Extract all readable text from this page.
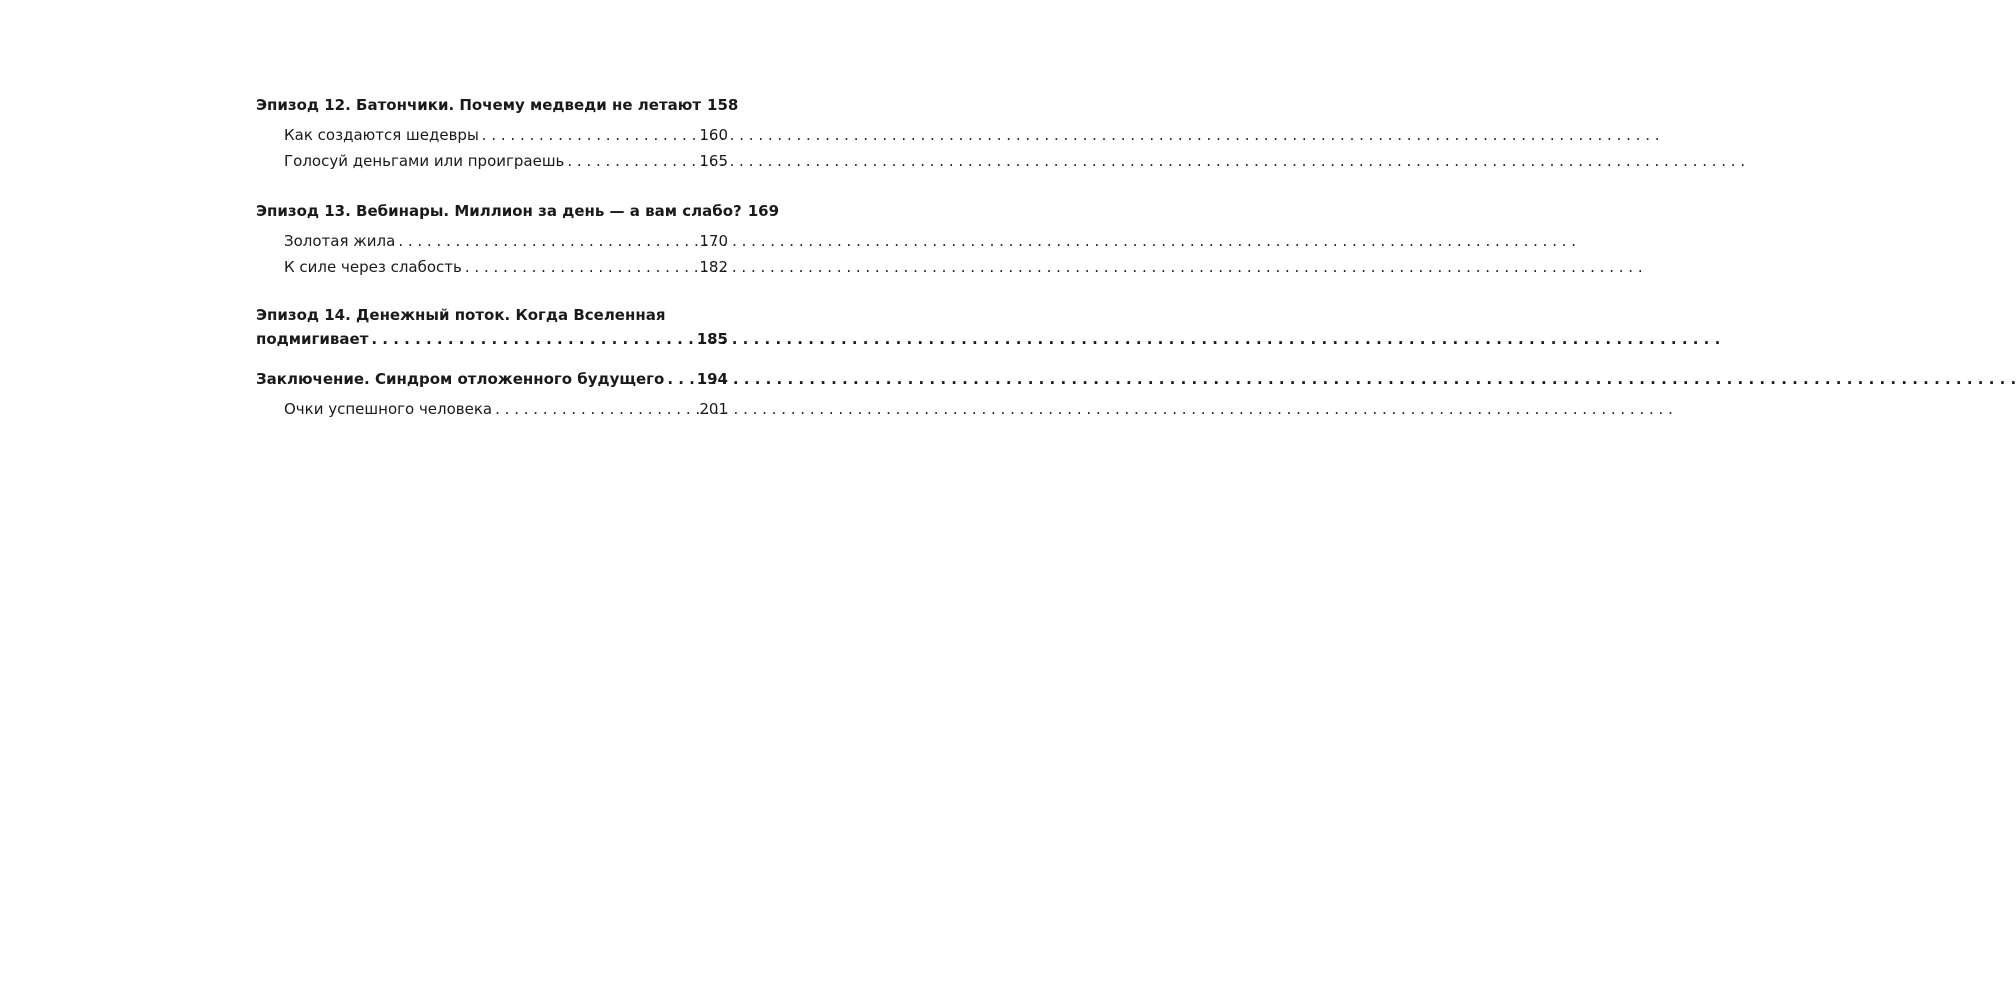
Эпизод 12. Батончики. Почему медведи не летают 158
Как создаются шедевры . . .	160
Голосуй деньгами или проиграешь . . .	165
Эпизод 13. Вебинары. Миллион за день — а вам слабо? 169
Золотая жила . . .	170
К силе через слабость . . .	182
Эпизод 14. Денежный поток. Когда Вселенная
подмигивает . . .	185
Заключение. Синдром отложенного будущего . . . 194
Очки успешного человека . . .	201
